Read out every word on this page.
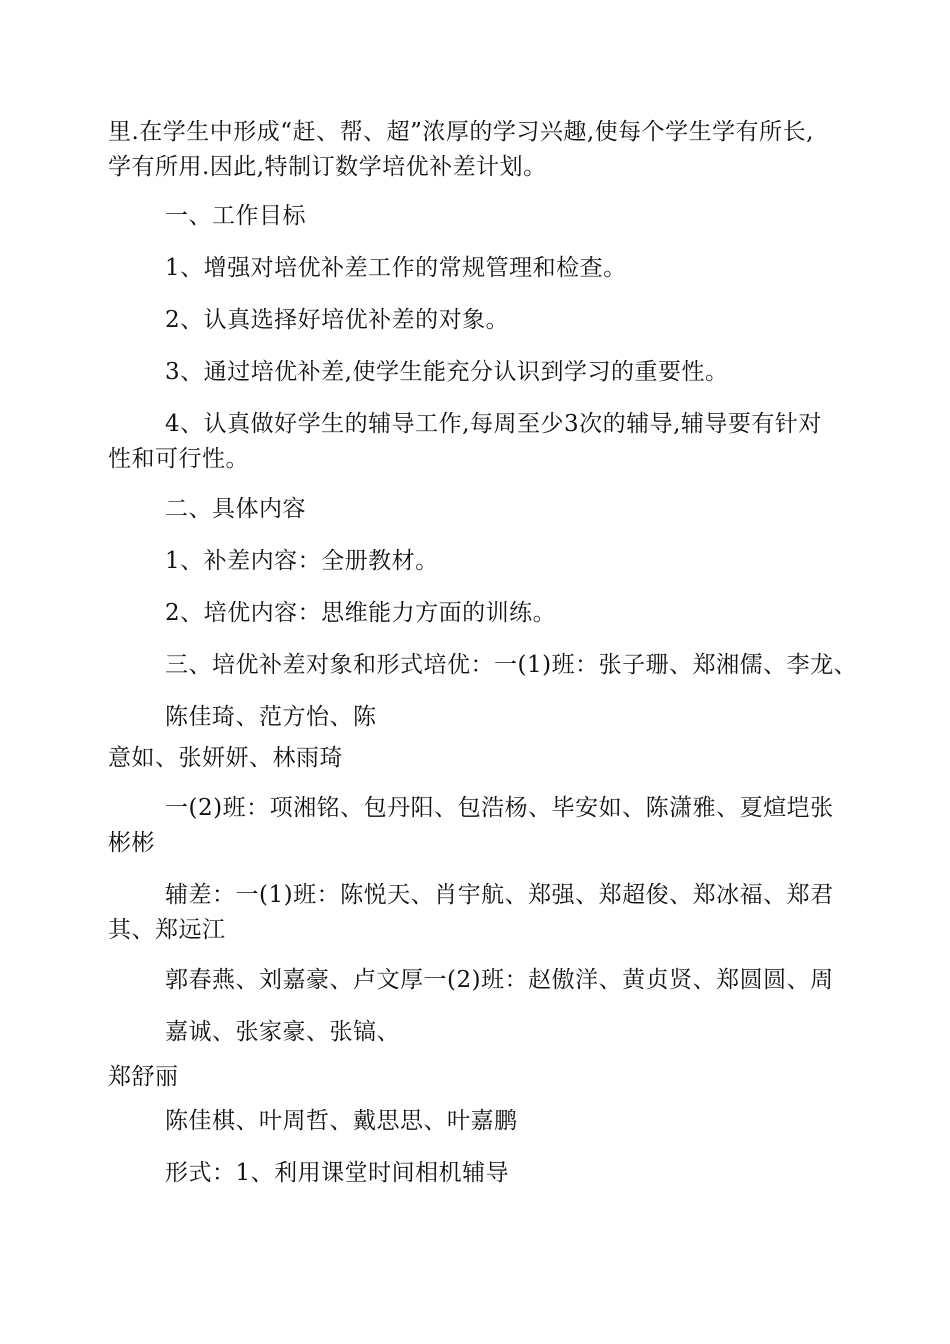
里.在学生中形成“赶、帮、超”浓厚的学习兴趣,使每个学生学有所长,
学有所用.因此,特制订数学培优补差计划。
一、工作目标
1、增强对培优补差工作的常规管理和检查。
2、认真选择好培优补差的对象。
3、通过培优补差,使学生能充分认识到学习的重要性。
4、认真做好学生的辅导工作,每周至少3次的辅导,辅导要有针对
性和可行性。
二、具体内容
1、补差内容：全册教材。
2、培优内容：思维能力方面的训练。
三、培优补差对象和形式培优：一(1)班：张子珊、郑湘儒、李龙、
陈佳琦、范方怡、陈
意如、张妍妍、林雨琦
一(2)班：项湘铭、包丹阳、包浩杨、毕安如、陈潇雅、夏煊垲张
彬彬
辅差：一(1)班：陈悦天、肖宇航、郑强、郑超俊、郑冰福、郑君
其、郑远江
郭春燕、刘嘉豪、卢文厚一(2)班：赵傲洋、黄贞贤、郑圆圆、周
嘉诚、张家豪、张镐、
郑舒丽
陈佳棋、叶周哲、戴思思、叶嘉鹏
形式：1、利用课堂时间相机辅导
